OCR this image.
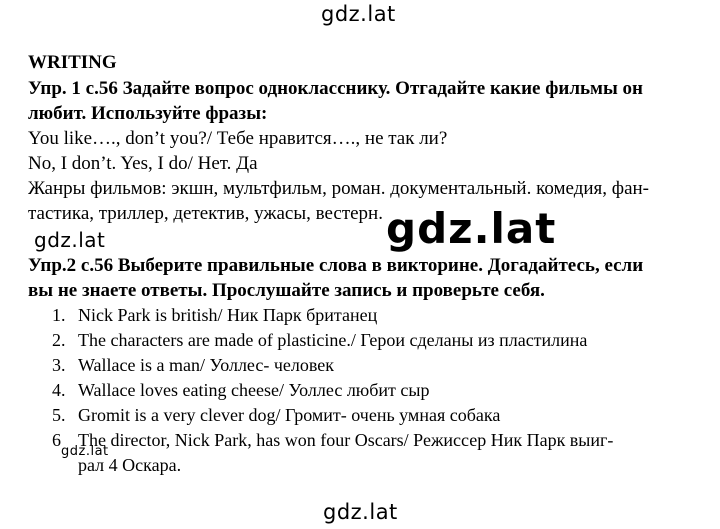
gdz.lat
gdz.lat
gdz.lat
gdz.lat
gdz.lat
WRITING
Упр. 1 с.56 Задайте вопрос однокласснику. Отгадайте какие фильмы он
любит. Используйте фразы:
You like…., don’t you?/ Тебе нравится…., не так ли?
No, I don’t. Yes, I do/ Нет. Да
Жанры фильмов: экшн, мультфильм, роман. документальный. комедия, фан-
тастика, триллер, детектив, ужасы, вестерн.
Упр.2 с.56 Выберите правильные слова в викторине. Догадайтесь, если
вы не знаете ответы. Прослушайте запись и проверьте себя.
1. Nick Park is british/ Ник Парк британец
2. The characters are made of plasticine./ Герои сделаны из пластилина
3. Wallace is a man/ Уоллес- человек
4. Wallace loves eating cheese/ Уоллес любит сыр
5. Gromit is a very clever dog/ Громит- очень умная собака
6 The director, Nick Park, has won four Oscars/ Режиссер Ник Парк выиг-
рал 4 Оскара.
